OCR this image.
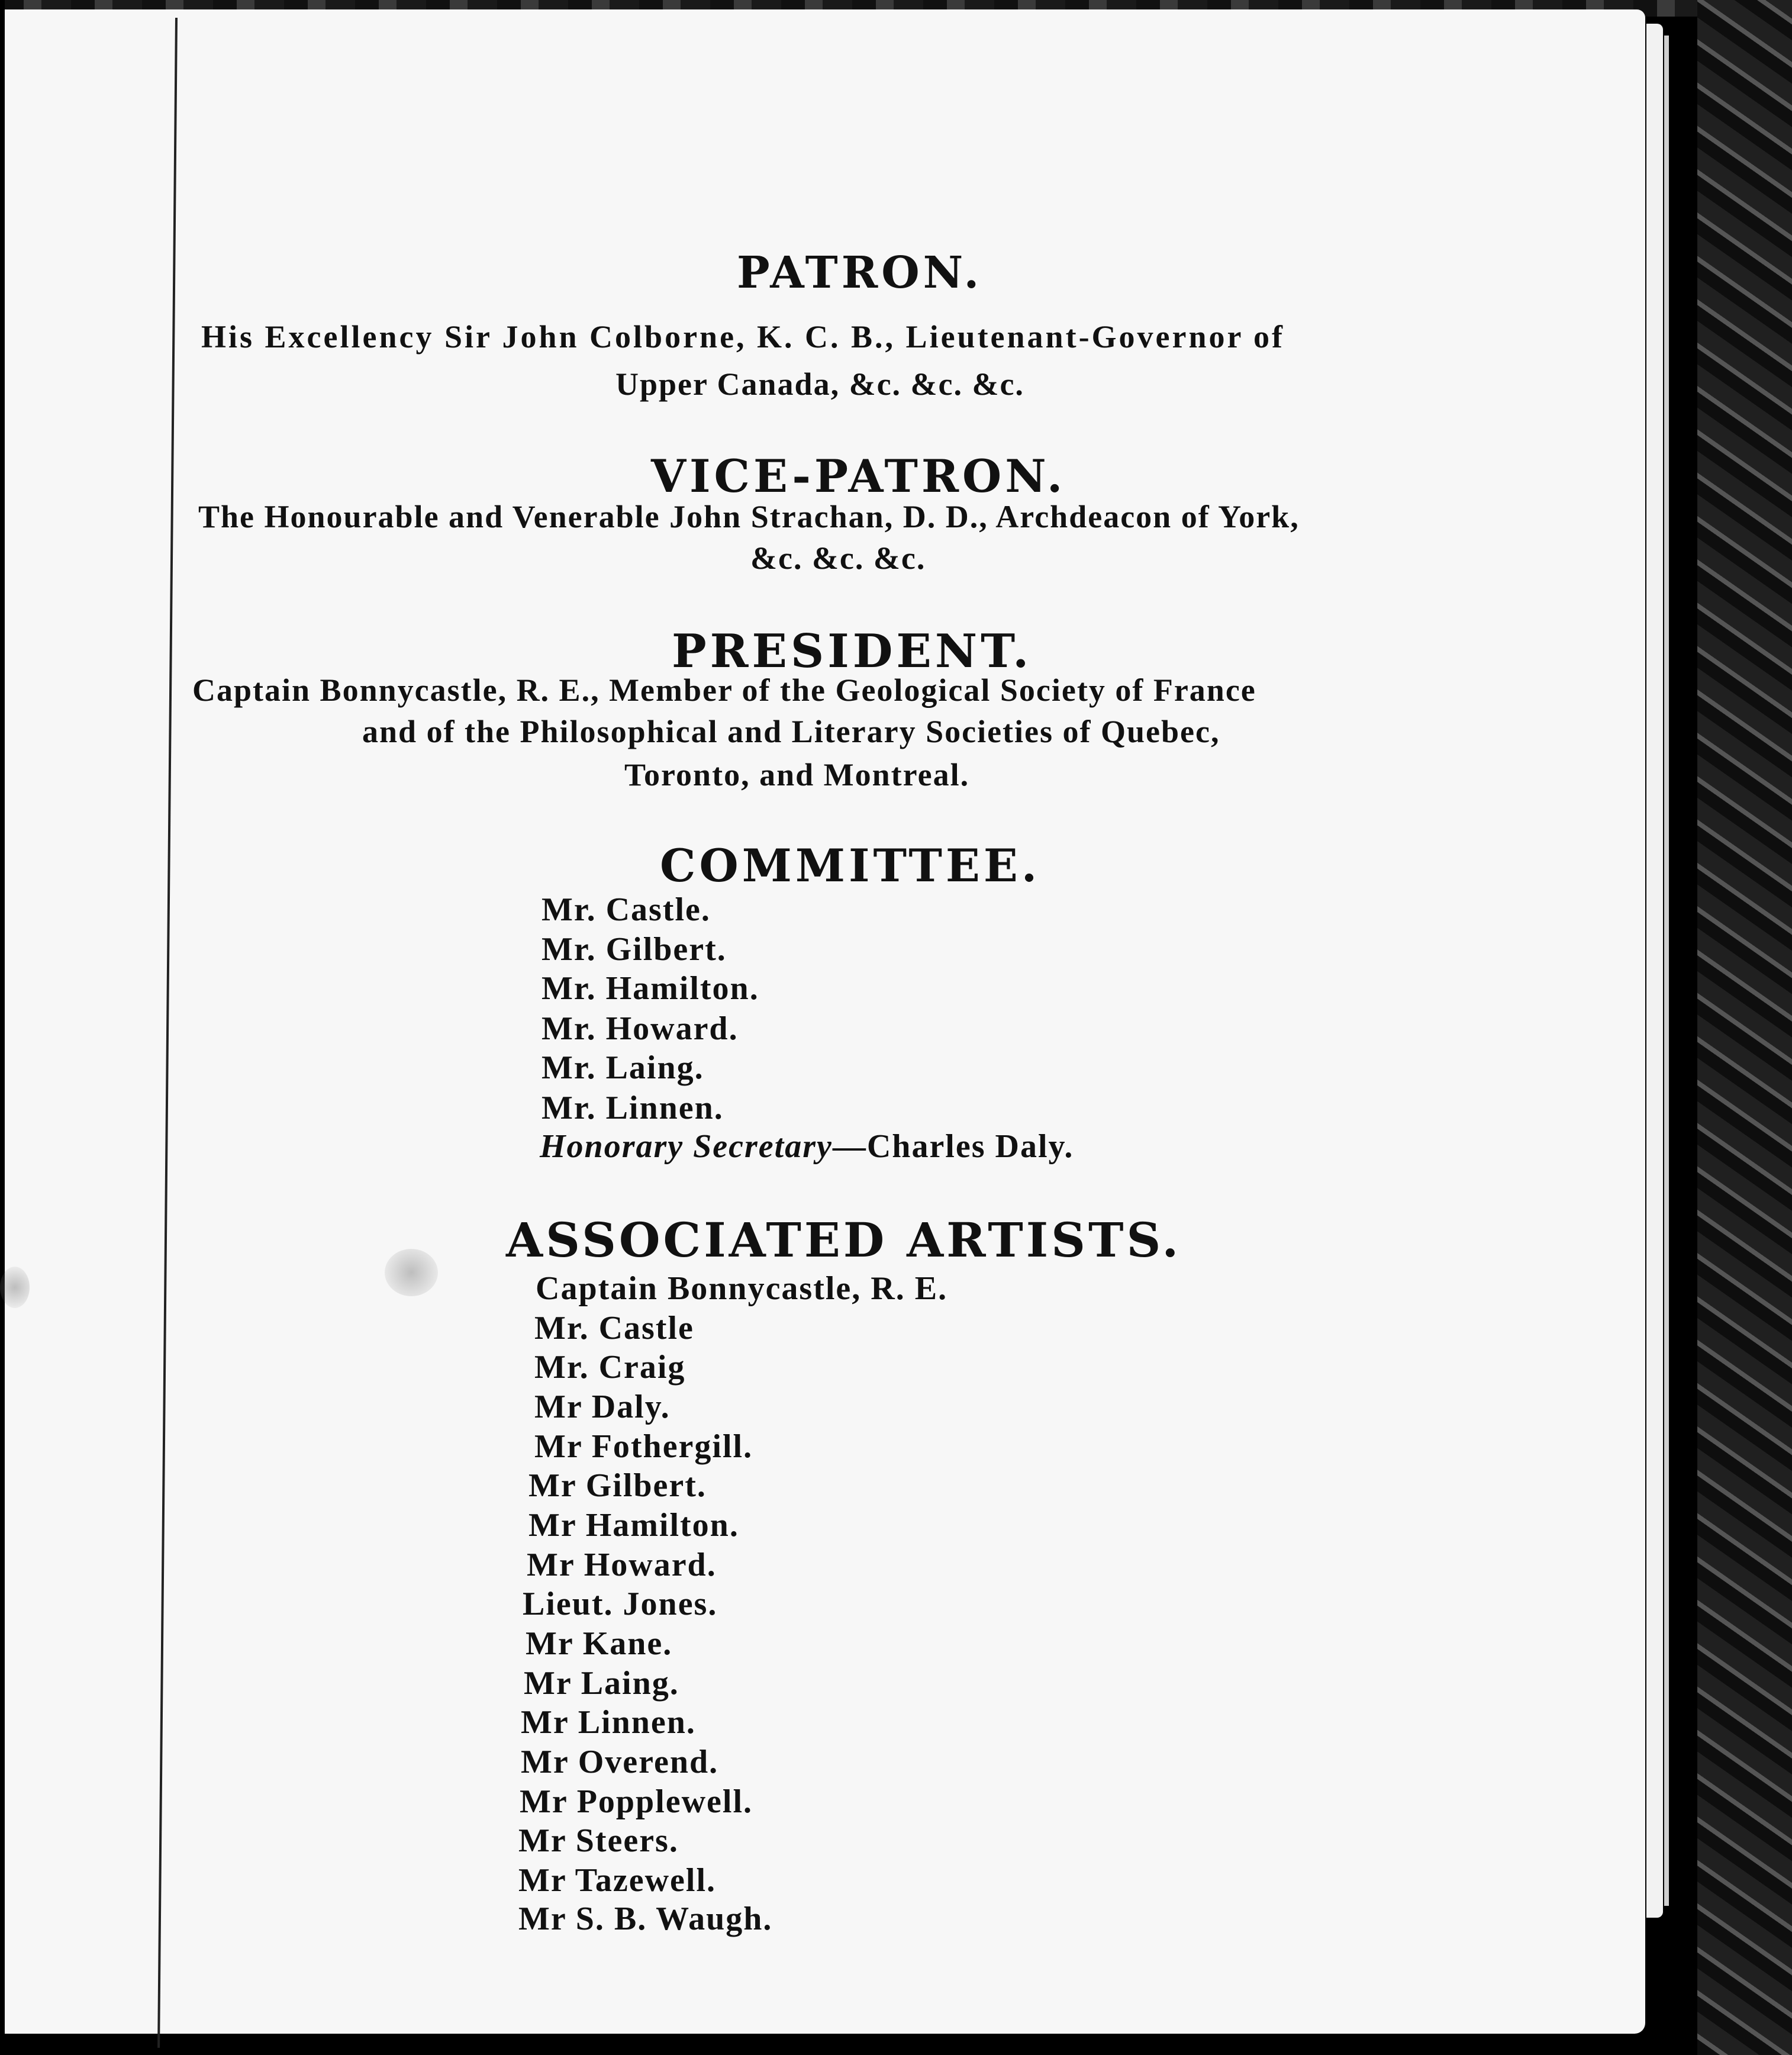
PATRON.
His Excellency Sir John Colborne, K. C. B., Lieutenant-Governor of
Upper Canada, &c. &c. &c.
VICE-PATRON.
The Honourable and Venerable John Strachan, D. D., Archdeacon of York,
&c. &c. &c.
PRESIDENT.
Captain Bonnycastle, R. E., Member of the Geological Society of France
and of the Philosophical and Literary Societies of Quebec,
Toronto, and Montreal.
COMMITTEE.
Mr. Castle.
Mr. Gilbert.
Mr. Hamilton.
Mr. Howard.
Mr. Laing.
Mr. Linnen.
Honorary Secretary—Charles Daly.
ASSOCIATED ARTISTS.
Captain Bonnycastle, R. E.
Mr. Castle
Mr. Craig
Mr Daly.
Mr Fothergill.
Mr Gilbert.
Mr Hamilton.
Mr Howard.
Lieut. Jones.
Mr Kane.
Mr Laing.
Mr Linnen.
Mr Overend.
Mr Popplewell.
Mr Steers.
Mr Tazewell.
Mr S. B. Waugh.
